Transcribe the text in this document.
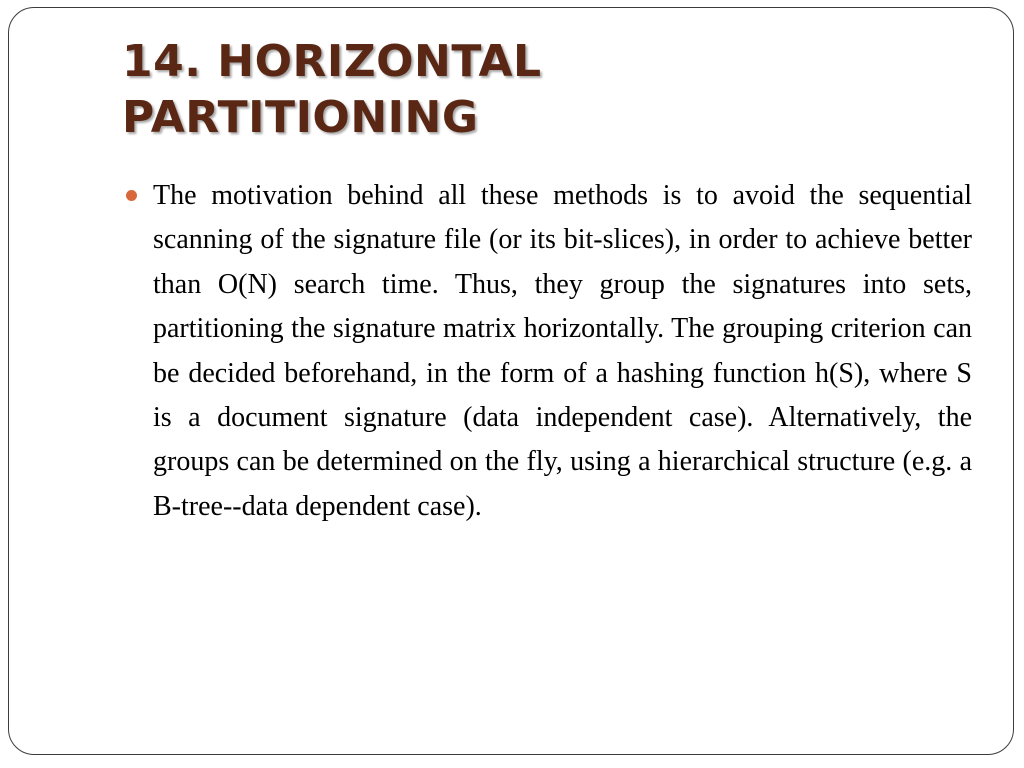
14. HORIZONTAL PARTITIONING
The motivation behind all these methods is to avoid the sequential scanning of the signature file (or its bit-slices), in order to achieve better than O(N) search time. Thus, they group the signatures into sets, partitioning the signature matrix horizontally. The grouping criterion can be decided beforehand, in the form of a hashing function h(S), where S is a document signature (data independent case). Alternatively, the groups can be determined on the fly, using a hierarchical structure (e.g. a B-tree--data dependent case).
